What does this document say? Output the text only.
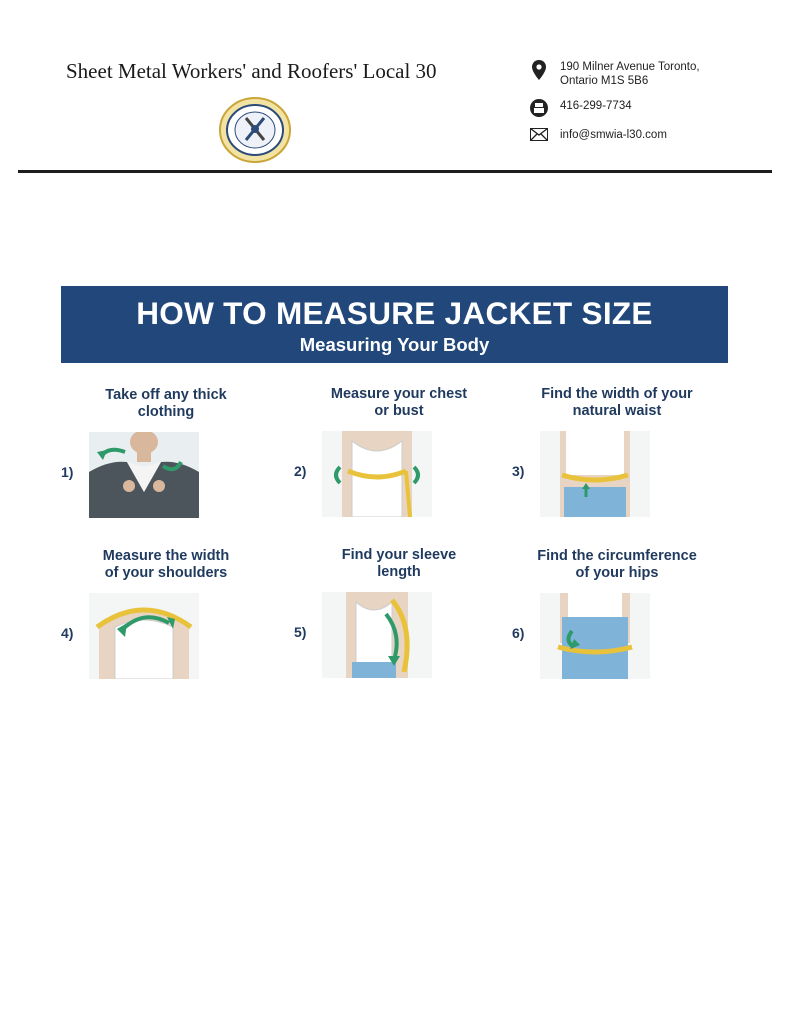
Sheet Metal Workers' and Roofers' Local 30	190 Milner Avenue Toronto,
Ontario M1S 5B6
416-299-7734
info@smwia-l30.com
HOW TO MEASURE JACKET SIZE
Measuring Your Body
Take off any thick
clothing
1)
Measure your chest
or bust
2)
Find the width of your
natural waist
3)
Measure the width
of your shoulders
4)
Find your sleeve
length
5)
Find the circumference
of your hips
6)
